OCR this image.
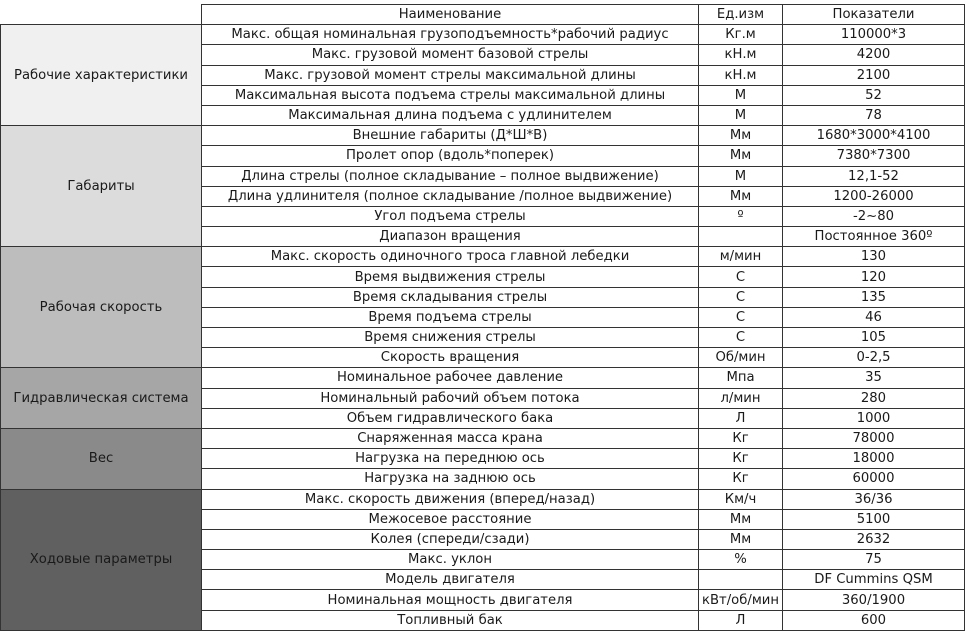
	Наименование	Ед.изм	Показатели
Рабочие характеристики	Макс. общая номинальная грузоподъемность*рабочий радиус	Кг.м	110000*3
	Макс. грузовой момент базовой стрелы	кН.м	4200
	Макс. грузовой момент стрелы максимальной длины	кН.м	2100
	Максимальная высота подъема стрелы максимальной длины	М	52
	Максимальная длина подъема с удлинителем	М	78
Габариты	Внешние габариты (Д*Ш*В)	Мм	1680*3000*4100
	Пролет опор (вдоль*поперек)	Мм	7380*7300
	Длина стрелы (полное складывание – полное выдвижение)	М	12,1-52
	Длина удлинителя (полное складывание /полное выдвижение)	Мм	1200-26000
	Угол подъема стрелы	º	-2~80
	Диапазон вращения		Постоянное 360º
Рабочая скорость	Макс. скорость одиночного троса главной лебедки	м/мин	130
	Время выдвижения стрелы	С	120
	Время складывания стрелы	С	135
	Время подъема стрелы	С	46
	Время снижения стрелы	С	105
	Скорость вращения	Об/мин	0-2,5
Гидравлическая система	Номинальное рабочее давление	Мпа	35
	Номинальный рабочий объем потока	л/мин	280
	Объем гидравлического бака	Л	1000
Вес	Снаряженная масса крана	Кг	78000
	Нагрузка на переднюю ось	Кг	18000
	Нагрузка на заднюю ось	Кг	60000
Ходовые параметры	Макс. скорость движения (вперед/назад)	Км/ч	36/36
	Межосевое расстояние	Мм	5100
	Колея (спереди/сзади)	Мм	2632
	Макс. уклон	%	75
	Модель двигателя		DF Cummins QSM
	Номинальная мощность двигателя	кВт/об/мин	360/1900
	Топливный бак	Л	600
